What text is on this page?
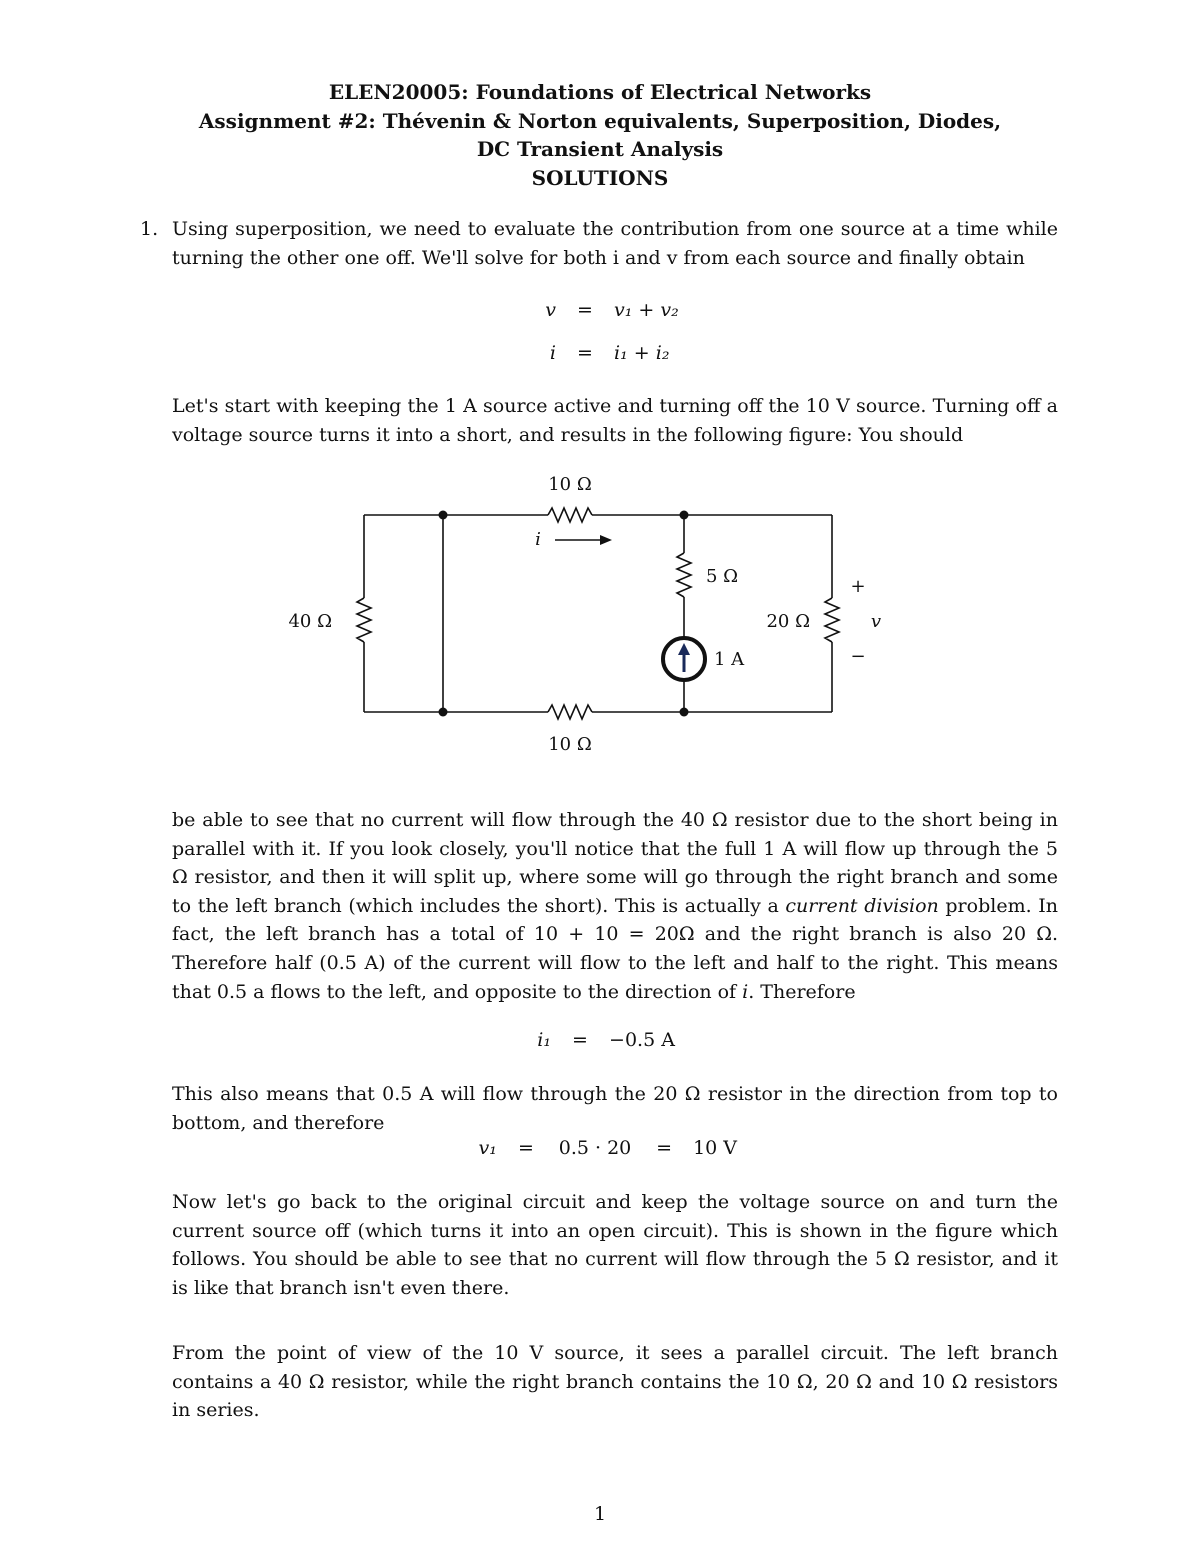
ELEN20005: Foundations of Electrical Networks
Assignment #2: Thévenin & Norton equivalents, Superposition, Diodes,
DC Transient Analysis
SOLUTIONS
1. Using superposition, we need to evaluate the contribution from one source at a time while turning the other one off. We'll solve for both i and v from each source and finally obtain
v = v₁ + v₂
i = i₁ + i₂
Let's start with keeping the 1 A source active and turning off the 10 V source. Turning off a voltage source turns it into a short, and results in the following figure: You should
10 Ω
10 Ω
40 Ω
5 Ω
20 Ω
1 A
i
+
v
−
be able to see that no current will flow through the 40 Ω resistor due to the short being in parallel with it. If you look closely, you'll notice that the full 1 A will flow up through the 5 Ω resistor, and then it will split up, where some will go through the right branch and some to the left branch (which includes the short). This is actually a current division problem. In fact, the left branch has a total of 10 + 10 = 20Ω and the right branch is also 20 Ω. Therefore half (0.5 A) of the current will flow to the left and half to the right. This means that 0.5 a flows to the left, and opposite to the direction of i. Therefore
i₁ = −0.5 A
This also means that 0.5 A will flow through the 20 Ω resistor in the direction from top to bottom, and therefore
v₁ = 0.5 · 20 = 10 V
Now let's go back to the original circuit and keep the voltage source on and turn the current source off (which turns it into an open circuit). This is shown in the figure which follows. You should be able to see that no current will flow through the 5 Ω resistor, and it is like that branch isn't even there.
From the point of view of the 10 V source, it sees a parallel circuit. The left branch contains a 40 Ω resistor, while the right branch contains the 10 Ω, 20 Ω and 10 Ω resistors in series.
1
